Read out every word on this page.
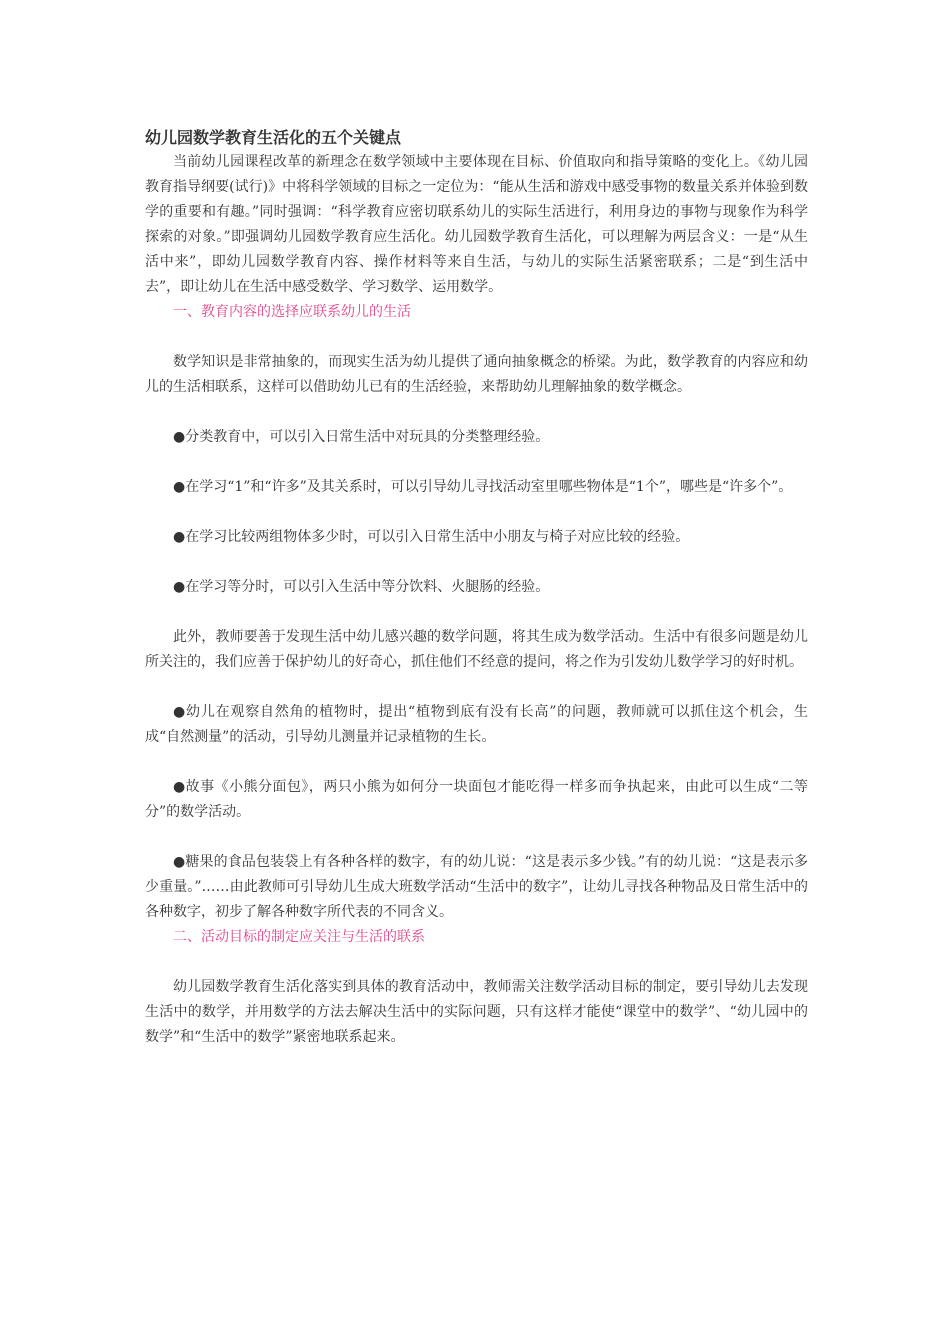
幼儿园数学教育生活化的五个关键点

当前幼儿园课程改革的新理念在数学领域中主要体现在目标、价值取向和指导策略的变化上。《幼儿园教育指导纲要(试行)》中将科学领域的目标之一定位为：“能从生活和游戏中感受事物的数量关系并体验到数学的重要和有趣。”同时强调：“科学教育应密切联系幼儿的实际生活进行，利用身边的事物与现象作为科学探索的对象。”即强调幼儿园数学教育应生活化。幼儿园数学教育生活化，可以理解为两层含义：一是“从生活中来”，即幼儿园数学教育内容、操作材料等来自生活，与幼儿的实际生活紧密联系；二是“到生活中去”，即让幼儿在生活中感受数学、学习数学、运用数学。

一、教育内容的选择应联系幼儿的生活

数学知识是非常抽象的，而现实生活为幼儿提供了通向抽象概念的桥梁。为此，数学教育的内容应和幼儿的生活相联系，这样可以借助幼儿已有的生活经验，来帮助幼儿理解抽象的数学概念。

●分类教育中，可以引入日常生活中对玩具的分类整理经验。

●在学习“1”和“许多”及其关系时，可以引导幼儿寻找活动室里哪些物体是“1个”，哪些是“许多个”。

●在学习比较两组物体多少时，可以引入日常生活中小朋友与椅子对应比较的经验。

●在学习等分时，可以引入生活中等分饮料、火腿肠的经验。

此外，教师要善于发现生活中幼儿感兴趣的数学问题，将其生成为数学活动。生活中有很多问题是幼儿所关注的，我们应善于保护幼儿的好奇心，抓住他们不经意的提问，将之作为引发幼儿数学学习的好时机。

●幼儿在观察自然角的植物时，提出“植物到底有没有长高”的问题，教师就可以抓住这个机会，生成“自然测量”的活动，引导幼儿测量并记录植物的生长。

●故事《小熊分面包》，两只小熊为如何分一块面包才能吃得一样多而争执起来，由此可以生成“二等分”的数学活动。

●糖果的食品包装袋上有各种各样的数字，有的幼儿说：“这是表示多少钱。”有的幼儿说：“这是表示多少重量。”……由此教师可引导幼儿生成大班数学活动“生活中的数字”，让幼儿寻找各种物品及日常生活中的各种数字，初步了解各种数字所代表的不同含义。

二、活动目标的制定应关注与生活的联系

幼儿园数学教育生活化落实到具体的教育活动中，教师需关注数学活动目标的制定，要引导幼儿去发现生活中的数学，并用数学的方法去解决生活中的实际问题，只有这样才能使“课堂中的数学”、“幼儿园中的数学”和“生活中的数学”紧密地联系起来。
